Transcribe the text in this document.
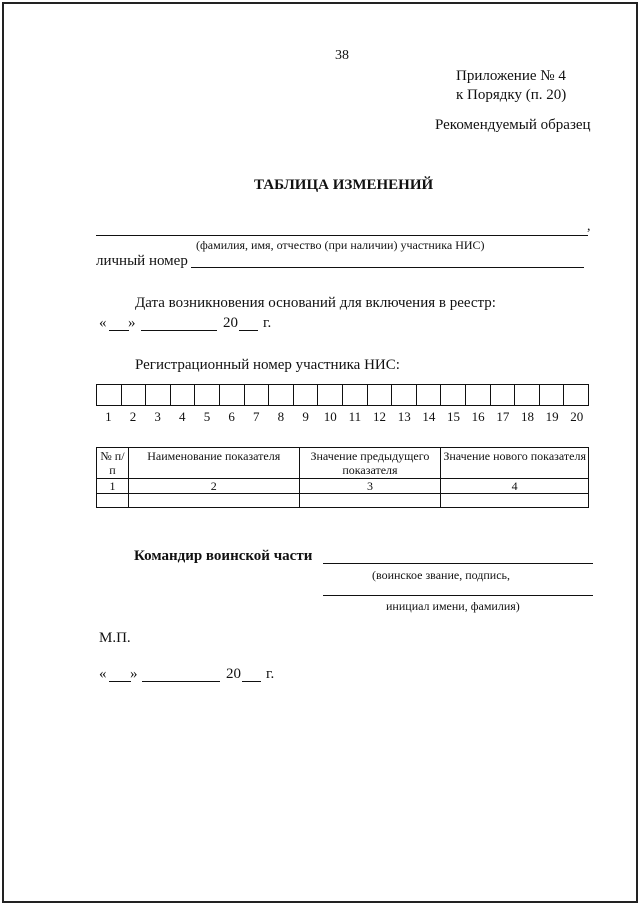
38
Приложение № 4
к Порядку (п. 20)
Рекомендуемый образец
ТАБЛИЦА ИЗМЕНЕНИЙ
,
(фамилия, имя, отчество (при наличии) участника НИС)
личный номер
Дата возникновения оснований для включения в реестр:
« »	20 г.
Регистрационный номер участника НИС:
1	2	3	4	5	6	7	8	9	10 11 12 13 14 15 16 17 18 19 20
№ п/п	Наименование показателя	Значение предыдущего показателя	Значение нового показателя
1	2	3	4

Командир воинской части
(воинское звание, подпись,
инициал имени, фамилия)
М.П.
« »	20 г.
